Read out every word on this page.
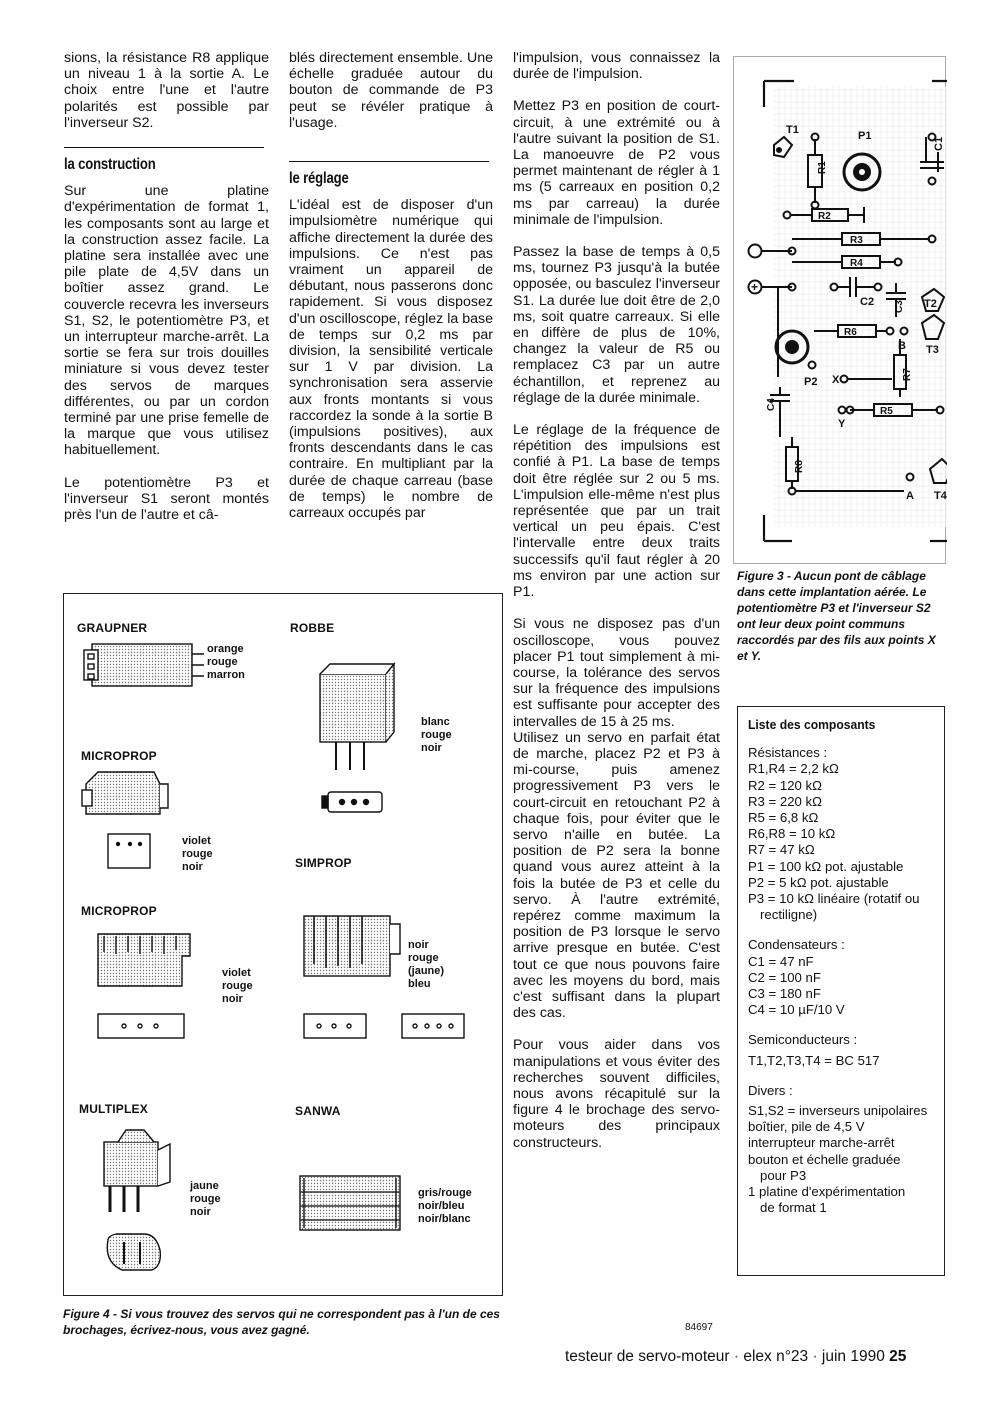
sions, la résistance R8 applique un niveau 1 à la sortie A. Le choix entre l'une et l'autre polarités est possible par l'inverseur S2.

la construction

Sur une platine d'expérimentation de format 1, les composants sont au large et la construction assez facile. La platine sera installée avec une pile plate de 4,5V dans un boîtier assez grand. Le couvercle recevra les inverseurs S1, S2, le potentiomètre P3, et un interrupteur marche-arrêt. La sortie se fera sur trois douilles miniature si vous devez tester des servos de marques différentes, ou par un cordon terminé par une prise femelle de la marque que vous utilisez habituellement.

Le potentiomètre P3 et l'inverseur S1 seront montés près l'un de l'autre et câ-

blés directement ensemble. Une échelle graduée autour du bouton de commande de P3 peut se révéler pratique à l'usage.

le réglage

L'idéal est de disposer d'un impulsiomètre numérique qui affiche directement la durée des impulsions. Ce n'est pas vraiment un appareil de débutant, nous passerons donc rapidement. Si vous disposez d'un oscilloscope, réglez la base de temps sur 0,2 ms par division, la sensibilité verticale sur 1 V par division. La synchronisation sera asservie aux fronts montants si vous raccordez la sonde à la sortie B (impulsions positives), aux fronts descendants dans le cas contraire. En multipliant par la durée de chaque carreau (base de temps) le nombre de carreaux occupés par

l'impulsion, vous connaissez la durée de l'impulsion.

Mettez P3 en position de court-circuit, à une extrémité ou à l'autre suivant la position de S1. La manoeuvre de P2 vous permet maintenant de régler à 1 ms (5 carreaux en position 0,2 ms par carreau) la durée minimale de l'impulsion.

Passez la base de temps à 0,5 ms, tournez P3 jusqu'à la butée opposée, ou basculez l'inverseur S1. La durée lue doit être de 2,0 ms, soit quatre carreaux. Si elle en diffère de plus de 10%, changez la valeur de R5 ou remplacez C3 par un autre échantillon, et reprenez au réglage de la durée minimale.

Le réglage de la fréquence de répétition des impulsions est confié à P1. La base de temps doit être réglée sur 2 ou 5 ms. L'impulsion elle-même n'est plus représentée que par un trait vertical un peu épais. C'est l'intervalle entre deux traits successifs qu'il faut régler à 20 ms environ par une action sur P1.

Si vous ne disposez pas d'un oscilloscope, vous pouvez placer P1 tout simplement à mi-course, la tolérance des servos sur la fréquence des impulsions est suffisante pour accepter des intervalles de 15 à 25 ms.

Utilisez un servo en parfait état de marche, placez P2 et P3 à mi-course, puis amenez progressivement P3 vers le court-circuit en retouchant P2 à chaque fois, pour éviter que le servo n'aille en butée. La position de P2 sera la bonne quand vous aurez atteint à la fois la butée de P3 et celle du servo. À l'autre extrémité, repérez comme maximum la position de P3 lorsque le servo arrive presque en butée. C'est tout ce que nous pouvons faire avec les moyens du bord, mais c'est suffisant dans la plupart des cas.

Pour vous aider dans vos manipulations et vous éviter des recherches souvent difficiles, nous avons récapitulé sur la figure 4 le brochage des servo-moteurs des principaux constructeurs.

84697
T1	P1
C1
R1
R2
R3
R4
+
C2 C3 T2
R6
B T3
R7
P2 X
C4
Y
R5
R8
A T4
Figure 3 - Aucun pont de câblage dans cette implantation aérée. Le potentiomètre P3 et l'inverseur S2 ont leur deux point communs raccordés par des fils aux points X et Y.
Liste des composants
Résistances :
R1,R4 = 2,2 kΩ
R2 = 120 kΩ
R3 = 220 kΩ
R5 = 6,8 kΩ
R6,R8 = 10 kΩ
R7 = 47 kΩ
P1 = 100 kΩ pot. ajustable
P2 = 5 kΩ pot. ajustable
P3 = 10 kΩ linéaire (rotatif ou rectiligne)
Condensateurs :
C1 = 47 nF
C2 = 100 nF
C3 = 180 nF
C4 = 10 µF/10 V
Semiconducteurs :
T1,T2,T3,T4 = BC 517
Divers :
S1,S2 = inverseurs unipolaires
boîtier, pile de 4,5 V
interrupteur marche-arrêt
bouton et échelle graduée pour P3
1 platine d'expérimentation de format 1
GRAUPNER	ROBBE
MICROPROP
SIMPROP
MICROPROP
MULTIPLEX	SANWA
orange
rouge
marron
blanc
rouge
noir
violet
rouge
noir
noir
rouge
(jaune)
bleu
violet
rouge
noir
jaune
rouge
noir
gris/rouge
noir/bleu
noir/blanc
Figure 4 - Si vous trouvez des servos qui ne correspondent pas à l'un de ces brochages, écrivez-nous, vous avez gagné.
testeur de servo-moteur · elex n°23 · juin 1990 25
